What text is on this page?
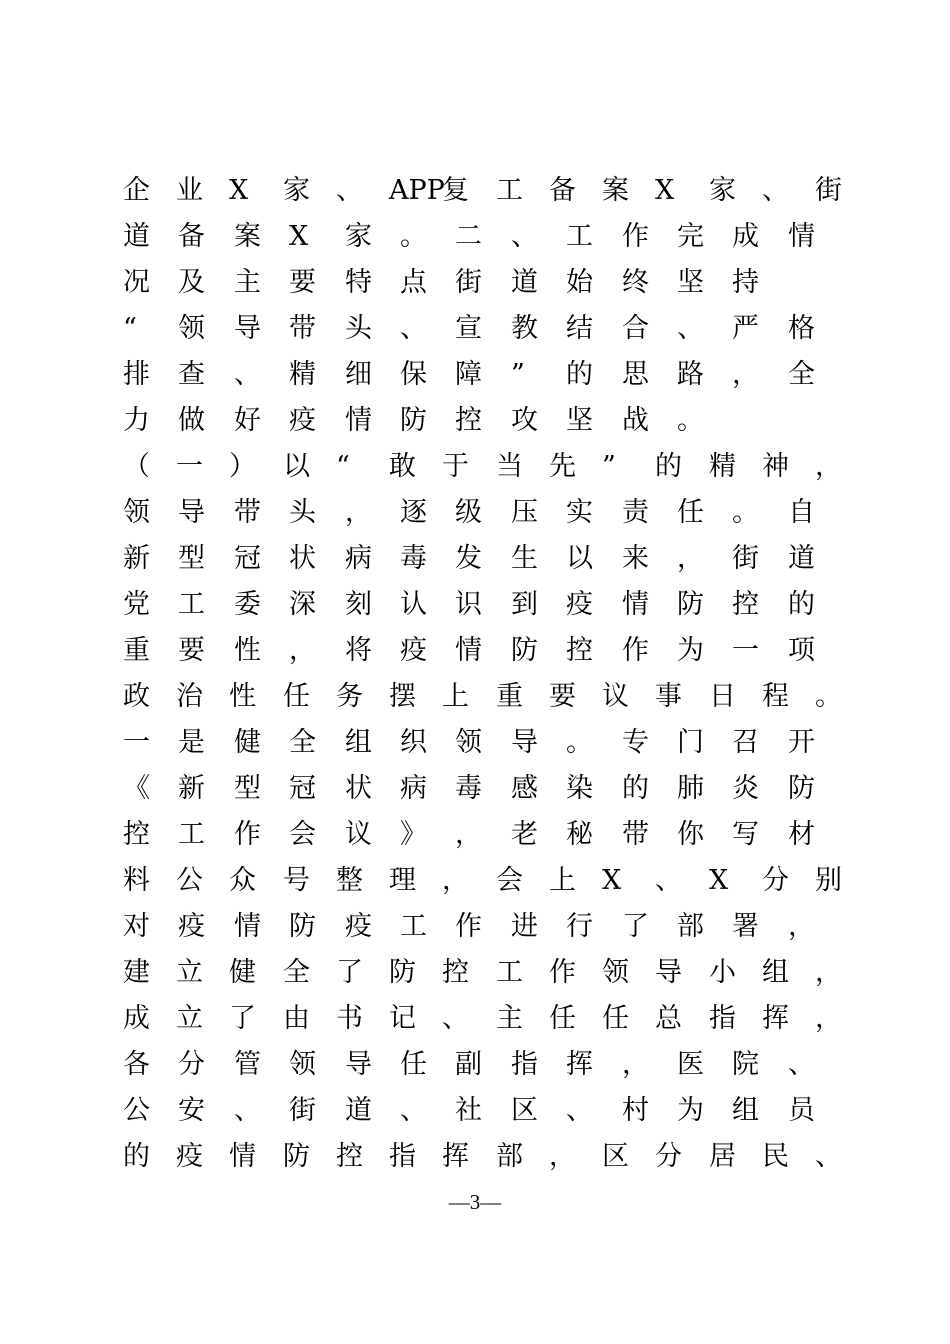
企 业 X 家 、 APP
复 工 备 案 X 家 、 街
道 备 案 X 家 。 二 、 工 作 完 成 情
况 及 主 要 特 点 街 道 始 终 坚 持
“ 领 导 带 头 、 宣 教 结 合 、 严 格
排 查 、 精 细 保 障 ” 的 思 路 ， 全
力 做 好 疫 情 防 控 攻 坚 战 。
（ 一 ） 以 “ 敢 于 当 先 ” 的 精 神 ，
领 导 带 头 ， 逐 级 压 实 责 任 。 自
新 型 冠 状 病 毒 发 生 以 来 ， 街 道
党 工 委 深 刻 认 识 到 疫 情 防 控 的
重 要 性 ， 将 疫 情 防 控 作 为 一 项
政 治 性 任 务 摆 上 重 要 议 事 日 程 。
一 是 健 全 组 织 领 导 。 专 门 召 开
《 新 型 冠 状 病 毒 感 染 的 肺 炎 防
控 工 作 会 议 》 ， 老 秘 带 你 写 材
料 公 众 号 整 理 ， 会 上 X 、 X 分 别
对 疫 情 防 疫 工 作 进 行 了 部 署 ，
建 立 健 全 了 防 控 工 作 领 导 小 组 ，
成 立 了 由 书 记 、 主 任 任 总 指 挥 ，
各 分 管 领 导 任 副 指 挥 ， 医 院 、
公 安 、 街 道 、 社 区 、 村 为 组 员
的 疫 情 防 控 指 挥 部 ， 区 分 居 民 、
—3—
